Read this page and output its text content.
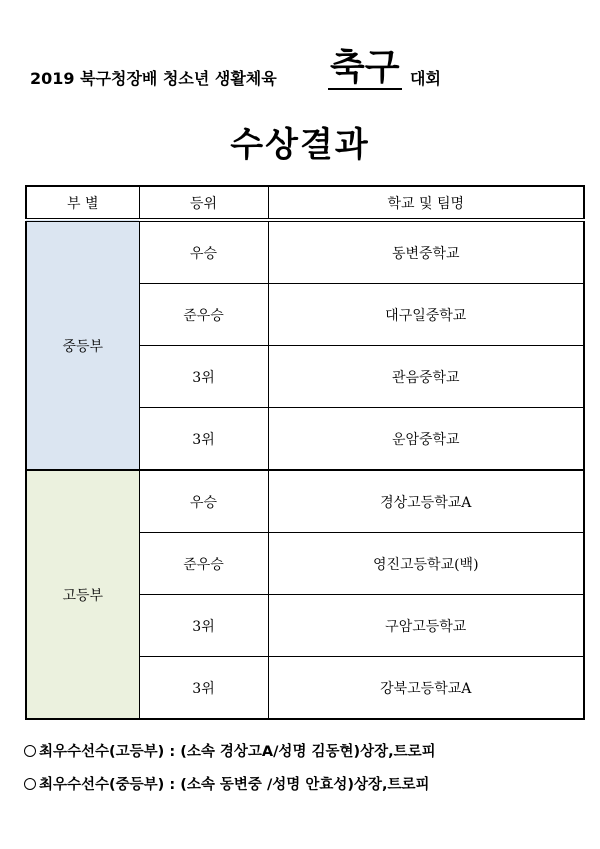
2019 북구청장배 청소년 생활체육 축구 대회
수상결과
부 별	등위	학교 및 팀명
중등부	우승	동변중학교
	준우승	대구일중학교
	3위	관음중학교
	3위	운암중학교
고등부	우승	경상고등학교A
	준우승	영진고등학교(백)
	3위	구암고등학교
	3위	강북고등학교A
최우수선수(고등부) : (소속 경상고A/성명 김동현)상장,트로피
최우수선수(중등부) : (소속 동변중 /성명 안효성)상장,트로피
